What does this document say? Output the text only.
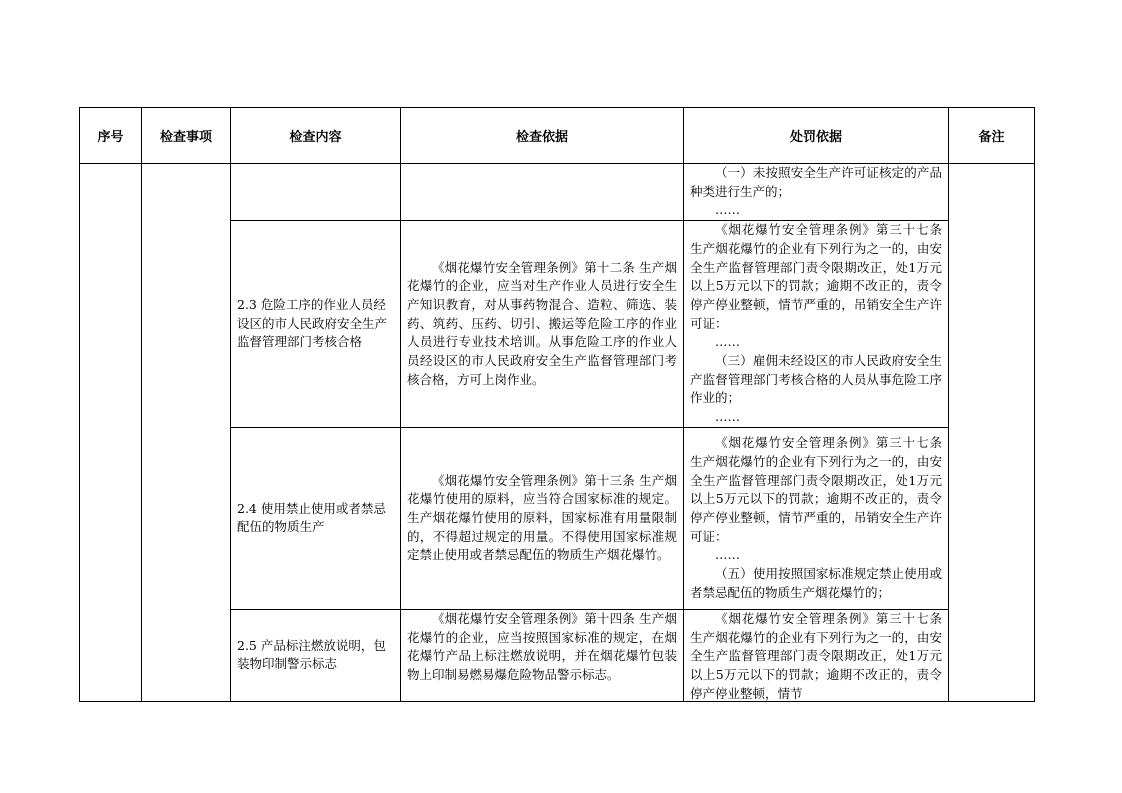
序号	检查事项	检查内容	检查依据	处罚依据	备注

				（一）未按照安全生产许可证核定的产品种类进行生产的；

……	

		2.3 危险工序的作业人员经设区的市人民政府安全生产监督管理部门考核合格	《烟花爆竹安全管理条例》第十二条 生产烟花爆竹的企业，应当对生产作业人员进行安全生产知识教育，对从事药物混合、造粒、筛选、装药、筑药、压药、切引、搬运等危险工序的作业人员进行专业技术培训。从事危险工序的作业人员经设区的市人民政府安全生产监督管理部门考核合格，方可上岗作业。	《烟花爆竹安全管理条例》第三十七条 生产烟花爆竹的企业有下列行为之一的，由安全生产监督管理部门责令限期改正，处1万元以上5万元以下的罚款；逾期不改正的，责令停产停业整顿，情节严重的，吊销安全生产许可证：

……

（三）雇佣未经设区的市人民政府安全生产监督管理部门考核合格的人员从事危险工序作业的；

……	

		2.4 使用禁止使用或者禁忌配伍的物质生产	《烟花爆竹安全管理条例》第十三条 生产烟花爆竹使用的原料，应当符合国家标准的规定。生产烟花爆竹使用的原料，国家标准有用量限制的，不得超过规定的用量。不得使用国家标准规定禁止使用或者禁忌配伍的物质生产烟花爆竹。	《烟花爆竹安全管理条例》第三十七条 生产烟花爆竹的企业有下列行为之一的，由安全生产监督管理部门责令限期改正，处1万元以上5万元以下的罚款；逾期不改正的，责令停产停业整顿，情节严重的，吊销安全生产许可证：

……

（五）使用按照国家标准规定禁止使用或者禁忌配伍的物质生产烟花爆竹的；	

		2.5 产品标注燃放说明，包装物印制警示标志	《烟花爆竹安全管理条例》第十四条 生产烟花爆竹的企业，应当按照国家标准的规定，在烟花爆竹产品上标注燃放说明，并在烟花爆竹包装物上印制易燃易爆危险物品警示标志。	《烟花爆竹安全管理条例》第三十七条 生产烟花爆竹的企业有下列行为之一的，由安全生产监督管理部门责令限期改正，处1万元以上5万元以下的罚款；逾期不改正的，责令停产停业整顿，情节	
